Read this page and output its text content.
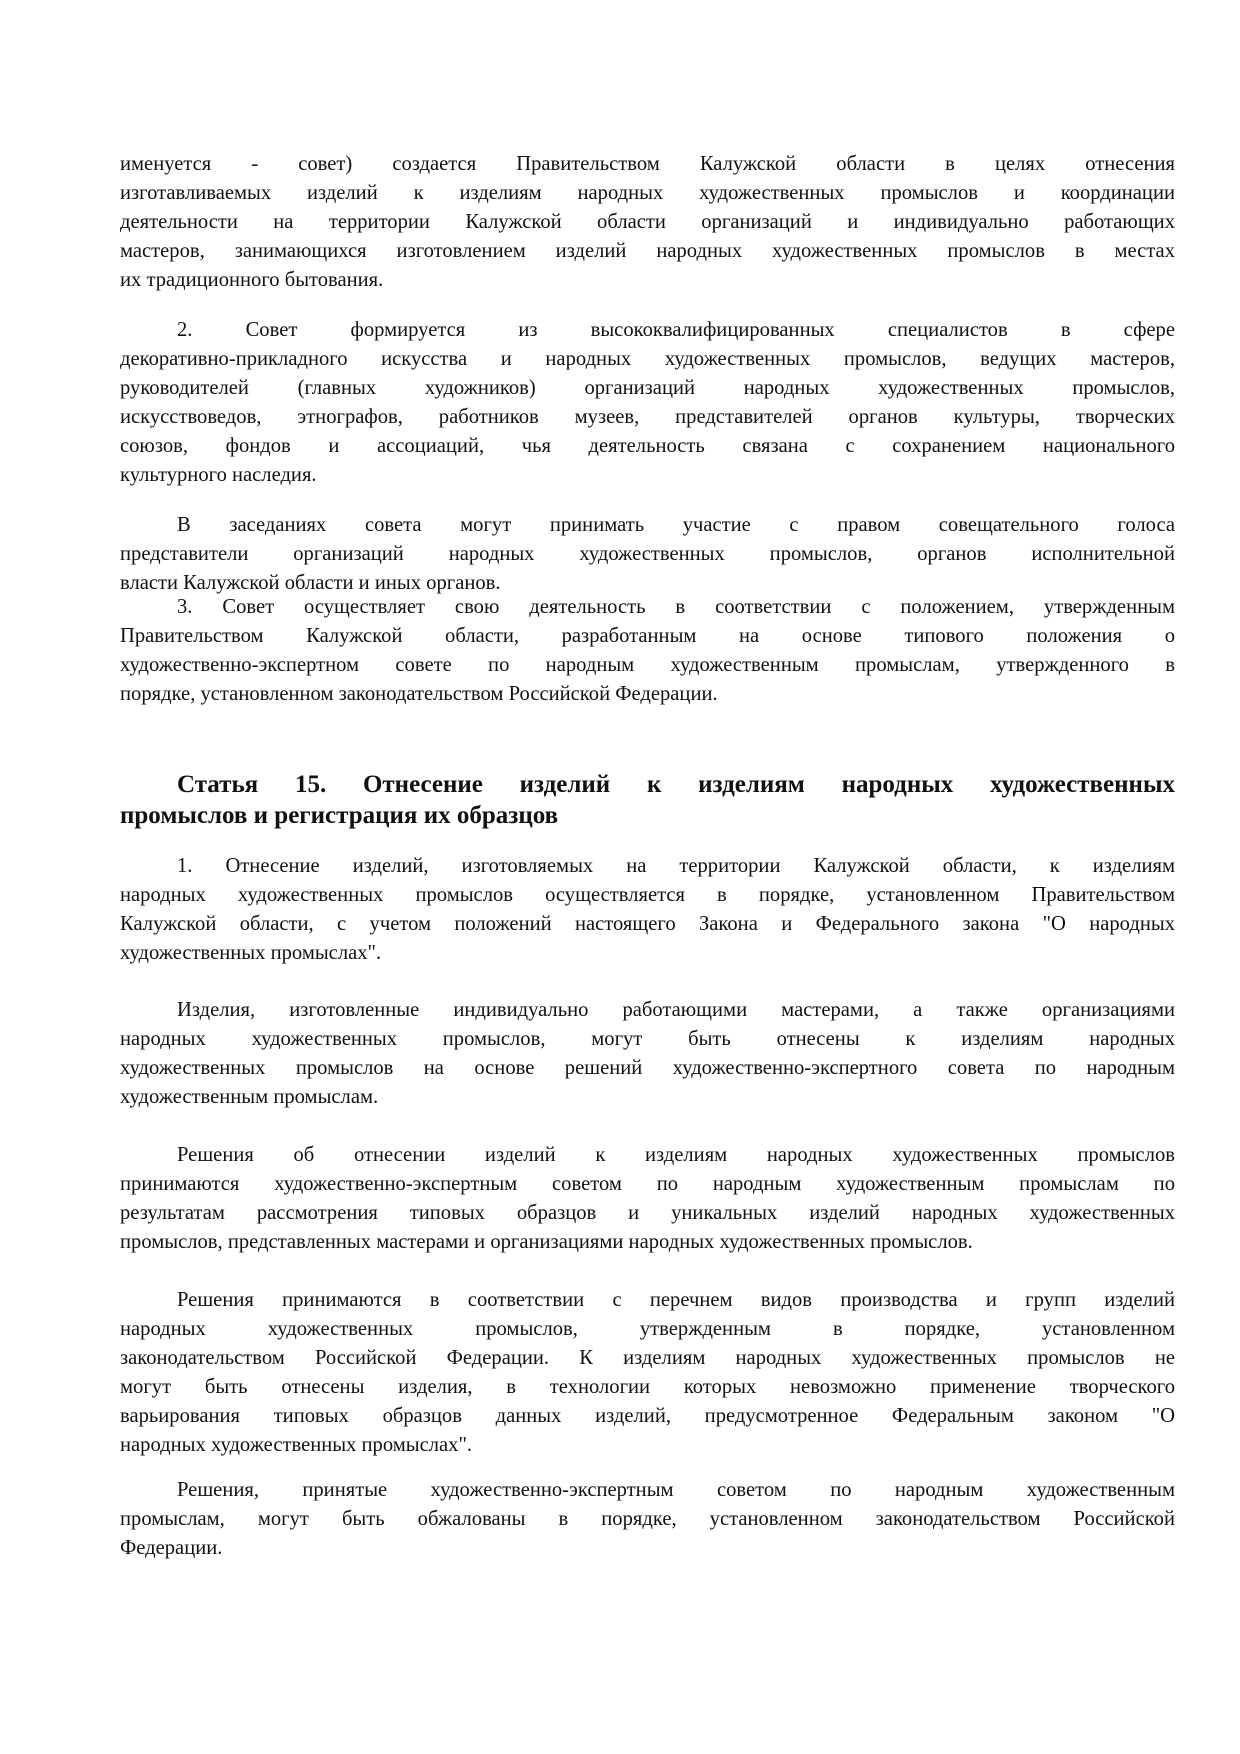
именуется - совет) создается Правительством Калужской области в целях отнесения
изготавливаемых изделий к изделиям народных художественных промыслов и координации
деятельности на территории Калужской области организаций и индивидуально работающих
мастеров, занимающихся изготовлением изделий народных художественных промыслов в местах
их традиционного бытования.
2. Совет формируется из высококвалифицированных специалистов в сфере
декоративно-прикладного искусства и народных художественных промыслов, ведущих мастеров,
руководителей (главных художников) организаций народных художественных промыслов,
искусствоведов, этнографов, работников музеев, представителей органов культуры, творческих
союзов, фондов и ассоциаций, чья деятельность связана с сохранением национального
культурного наследия.
В заседаниях совета могут принимать участие с правом совещательного голоса
представители организаций народных художественных промыслов, органов исполнительной
власти Калужской области и иных органов.
3. Совет осуществляет свою деятельность в соответствии с положением, утвержденным
Правительством Калужской области, разработанным на основе типового положения о
художественно-экспертном совете по народным художественным промыслам, утвержденного в
порядке, установленном законодательством Российской Федерации.
Статья 15. Отнесение изделий к изделиям народных художественных
промыслов и регистрация их образцов
1. Отнесение изделий, изготовляемых на территории Калужской области, к изделиям
народных художественных промыслов осуществляется в порядке, установленном Правительством
Калужской области, с учетом положений настоящего Закона и Федерального закона "О народных
художественных промыслах".
Изделия, изготовленные индивидуально работающими мастерами, а также организациями
народных художественных промыслов, могут быть отнесены к изделиям народных
художественных промыслов на основе решений художественно-экспертного совета по народным
художественным промыслам.
Решения об отнесении изделий к изделиям народных художественных промыслов
принимаются художественно-экспертным советом по народным художественным промыслам по
результатам рассмотрения типовых образцов и уникальных изделий народных художественных
промыслов, представленных мастерами и организациями народных художественных промыслов.
Решения принимаются в соответствии с перечнем видов производства и групп изделий
народных художественных промыслов, утвержденным в порядке, установленном
законодательством Российской Федерации. К изделиям народных художественных промыслов не
могут быть отнесены изделия, в технологии которых невозможно применение творческого
варьирования типовых образцов данных изделий, предусмотренное Федеральным законом "О
народных художественных промыслах".
Решения, принятые художественно-экспертным советом по народным художественным
промыслам, могут быть обжалованы в порядке, установленном законодательством Российской
Федерации.
